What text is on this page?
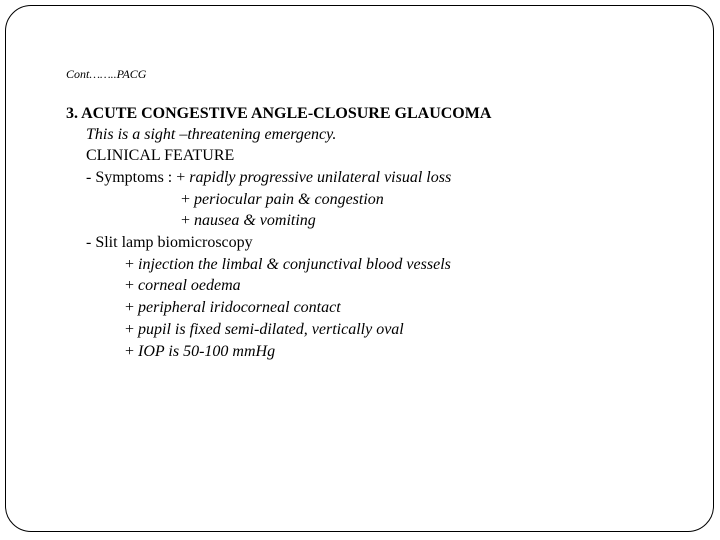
Cont……..PACG
3. ACUTE CONGESTIVE ANGLE-CLOSURE GLAUCOMA
This is a sight –threatening emergency.
CLINICAL FEATURE
- Symptoms : + rapidly progressive unilateral visual loss
+ periocular pain & congestion
+ nausea & vomiting
- Slit lamp biomicroscopy
+ injection the limbal & conjunctival blood vessels
+ corneal oedema
+ peripheral iridocorneal contact
+ pupil is fixed semi-dilated, vertically oval
+ IOP is 50-100 mmHg
